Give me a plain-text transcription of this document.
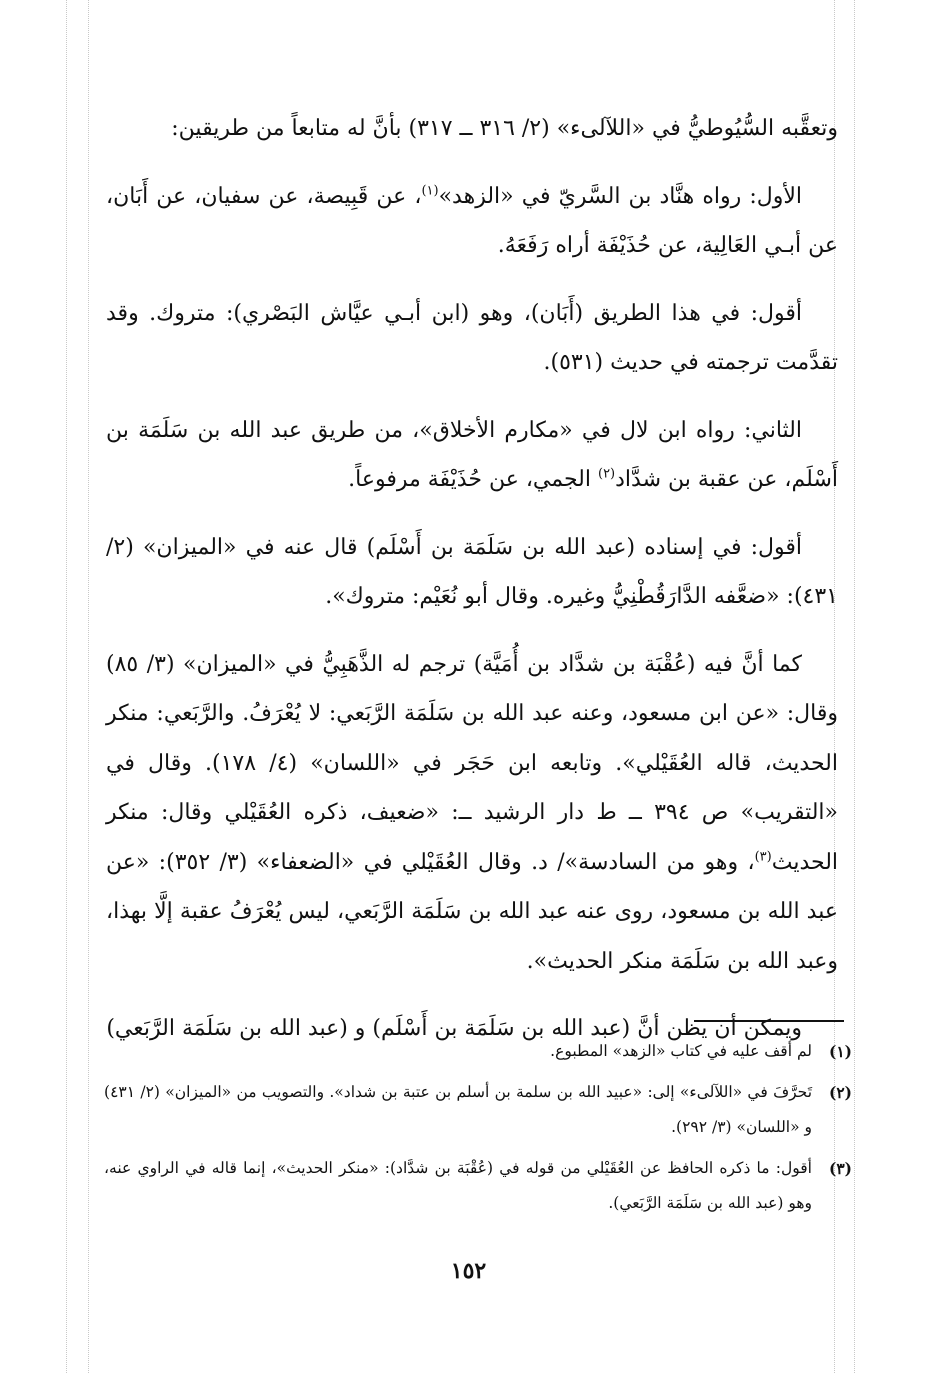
وتعقَّبه السُّيُوطيُّ في «اللآلىء» (٢/ ٣١٦ ــ ٣١٧) بأنَّ له متابعاً من طريقين:

الأول: رواه هنَّاد بن السَّريّ في «الزهد»$^{(١)}$، عن قَبِيصة، عن سفيان، عن أَبَان، عن أبـي العَالِية، عن حُذَيْفَة أراه رَفَعَهُ.

أقول: في هذا الطريق (أَبَان)، وهو (ابن أبـي عيَّاش البَصْري): متروك. وقد تقدَّمت ترجمته في حديث (٥٣١).

الثاني: رواه ابن لال في «مكارم الأخلاق»، من طريق عبد الله بن سَلَمَة بن أَسْلَم، عن عقبة بن شدَّاد$^{(٢)}$ الجمي، عن حُذَيْفَة مرفوعاً.

أقول: في إسناده (عبد الله بن سَلَمَة بن أَسْلَم) قال عنه في «الميزان» (٢/ ٤٣١): «ضعَّفه الدَّارَقُطْنِيُّ وغيره. وقال أبو نُعَيْم: متروك».

كما أنَّ فيه (عُقْبَة بن شدَّاد بن أُمَيَّة) ترجم له الذَّهَبِيُّ في «الميزان» (٣/ ٨٥) وقال: «عن ابن مسعود، وعنه عبد الله بن سَلَمَة الرَّبَعي: لا يُعْرَفُ. والرَّبَعي: منكر الحديث، قاله العُقَيْلي». وتابعه ابن حَجَر في «اللسان» (٤/ ١٧٨). وقال في «التقريب» ص ٣٩٤ ــ ط دار الرشيد ــ: «ضعيف، ذكره العُقَيْلي وقال: منكر الحديث$^{(٣)}$، وهو من السادسة»/ د. وقال العُقَيْلي في «الضعفاء» (٣/ ٣٥٢): «عن عبد الله بن مسعود، روى عنه عبد الله بن سَلَمَة الرَّبَعي، ليس يُعْرَفُ عقبة إلَّا بهذا، وعبد الله بن سَلَمَة منكر الحديث».

ويمكن أن يظن أنَّ (عبد الله بن سَلَمَة بن أَسْلَم) و (عبد الله بن سَلَمَة الرَّبَعي)

(١)
لم أقف عليه في كتاب «الزهد» المطبوع.
(٢)
تَحرَّفَ في «اللآلىء» إلى: «عبيد الله بن سلمة بن أسلم بن عتبة بن شداد». والتصويب من «الميزان» (٢/ ٤٣١) و «اللسان» (٣/ ٢٩٢).
(٣)
أقول: ما ذكره الحافظ عن العُقَيْلي من قوله في (عُقْبَة بن شدَّاد): «منكر الحديث»، إنما قاله في الراوي عنه، وهو (عبد الله بن سَلَمَة الرَّبَعي).
١٥٢
